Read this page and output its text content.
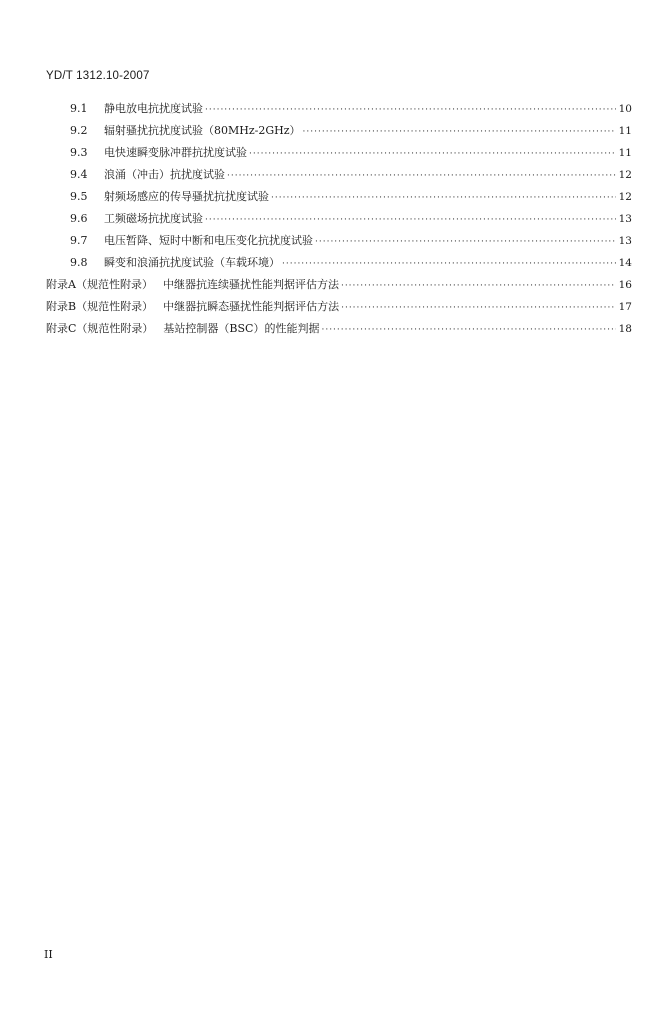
YD/T 1312.10-2007
9.1	静电放电抗扰度试验 ·····	10
9.2	辐射骚扰抗扰度试验（80MHz-2GHz） ·····	11
9.3	电快速瞬变脉冲群抗扰度试验 ·····	11
9.4	浪涌（冲击）抗扰度试验 ·····	12
9.5	射频场感应的传导骚扰抗扰度试验 ·····	12
9.6	工频磁场抗扰度试验 ·····	13
9.7	电压暂降、短时中断和电压变化抗扰度试验 ·····	13
9.8	瞬变和浪涌抗扰度试验（车载环境） ·····	14
附录A（规范性附录） 中继器抗连续骚扰性能判据评估方法 ·····	16
附录B（规范性附录） 中继器抗瞬态骚扰性能判据评估方法 ·····	17
附录C（规范性附录） 基站控制器（BSC）的性能判据 ·····	18
II
